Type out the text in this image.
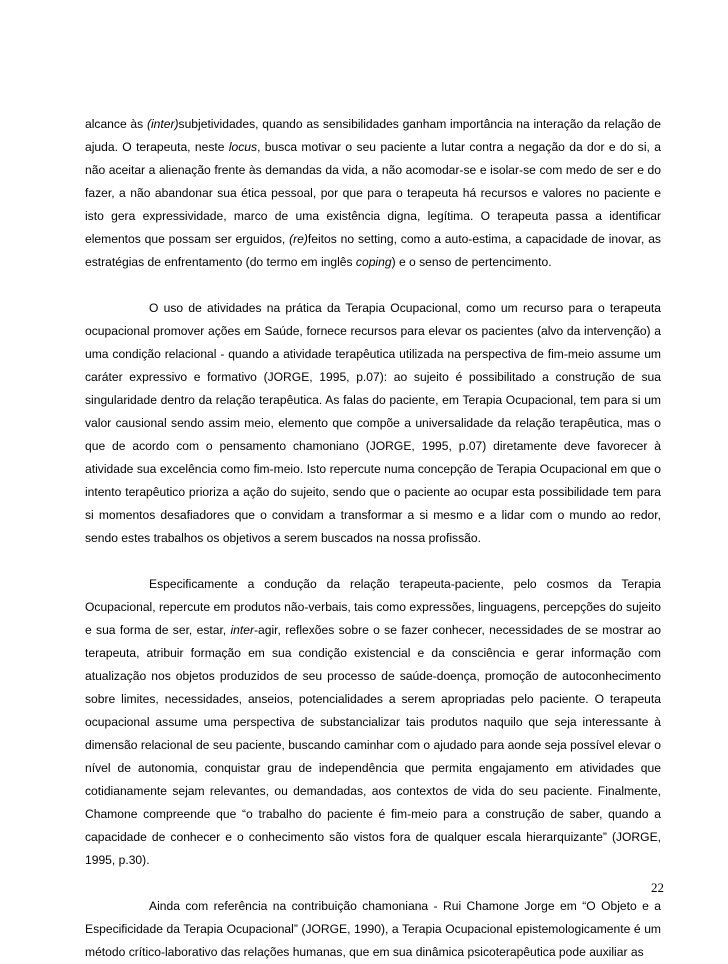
alcance às (inter)subjetividades, quando as sensibilidades ganham importância na interação da relação de ajuda. O terapeuta, neste locus, busca motivar o seu paciente a lutar contra a negação da dor e do si, a não aceitar a alienação frente às demandas da vida, a não acomodar-se e isolar-se com medo de ser e do fazer, a não abandonar sua ética pessoal, por que para o terapeuta há recursos e valores no paciente e isto gera expressividade, marco de uma existência digna, legítima. O terapeuta passa a identificar elementos que possam ser erguidos, (re)feitos no setting, como a auto-estima, a capacidade de inovar, as estratégias de enfrentamento (do termo em inglês coping) e o senso de pertencimento.

O uso de atividades na prática da Terapia Ocupacional, como um recurso para o terapeuta ocupacional promover ações em Saúde, fornece recursos para elevar os pacientes (alvo da intervenção) a uma condição relacional - quando a atividade terapêutica utilizada na perspectiva de fim-meio assume um caráter expressivo e formativo (JORGE, 1995, p.07): ao sujeito é possibilitado a construção de sua singularidade dentro da relação terapêutica. As falas do paciente, em Terapia Ocupacional, tem para si um valor causional sendo assim meio, elemento que compõe a universalidade da relação terapêutica, mas o que de acordo com o pensamento chamoniano (JORGE, 1995, p.07) diretamente deve favorecer à atividade sua excelência como fim-meio. Isto repercute numa concepção de Terapia Ocupacional em que o intento terapêutico prioriza a ação do sujeito, sendo que o paciente ao ocupar esta possibilidade tem para si momentos desafiadores que o convidam a transformar a si mesmo e a lidar com o mundo ao redor, sendo estes trabalhos os objetivos a serem buscados na nossa profissão.

Especificamente a condução da relação terapeuta-paciente, pelo cosmos da Terapia Ocupacional, repercute em produtos não-verbais, tais como expressões, linguagens, percepções do sujeito e sua forma de ser, estar, inter-agir, reflexões sobre o se fazer conhecer, necessidades de se mostrar ao terapeuta, atribuir formação em sua condição existencial e da consciência e gerar informação com atualização nos objetos produzidos de seu processo de saúde-doença, promoção de autoconhecimento sobre limites, necessidades, anseios, potencialidades a serem apropriadas pelo paciente. O terapeuta ocupacional assume uma perspectiva de substancializar tais produtos naquilo que seja interessante à dimensão relacional de seu paciente, buscando caminhar com o ajudado para aonde seja possível elevar o nível de autonomia, conquistar grau de independência que permita engajamento em atividades que cotidianamente sejam relevantes, ou demandadas, aos contextos de vida do seu paciente. Finalmente, Chamone compreende que “o trabalho do paciente é fim-meio para a construção de saber, quando a capacidade de conhecer e o conhecimento são vistos fora de qualquer escala hierarquizante” (JORGE, 1995, p.30).

Ainda com referência na contribuição chamoniana - Rui Chamone Jorge em “O Objeto e a Especificidade da Terapia Ocupacional” (JORGE, 1990), a Terapia Ocupacional epistemologicamente é um método crítico-laborativo das relações humanas, que em sua dinâmica psicoterapêutica pode auxiliar as

22
